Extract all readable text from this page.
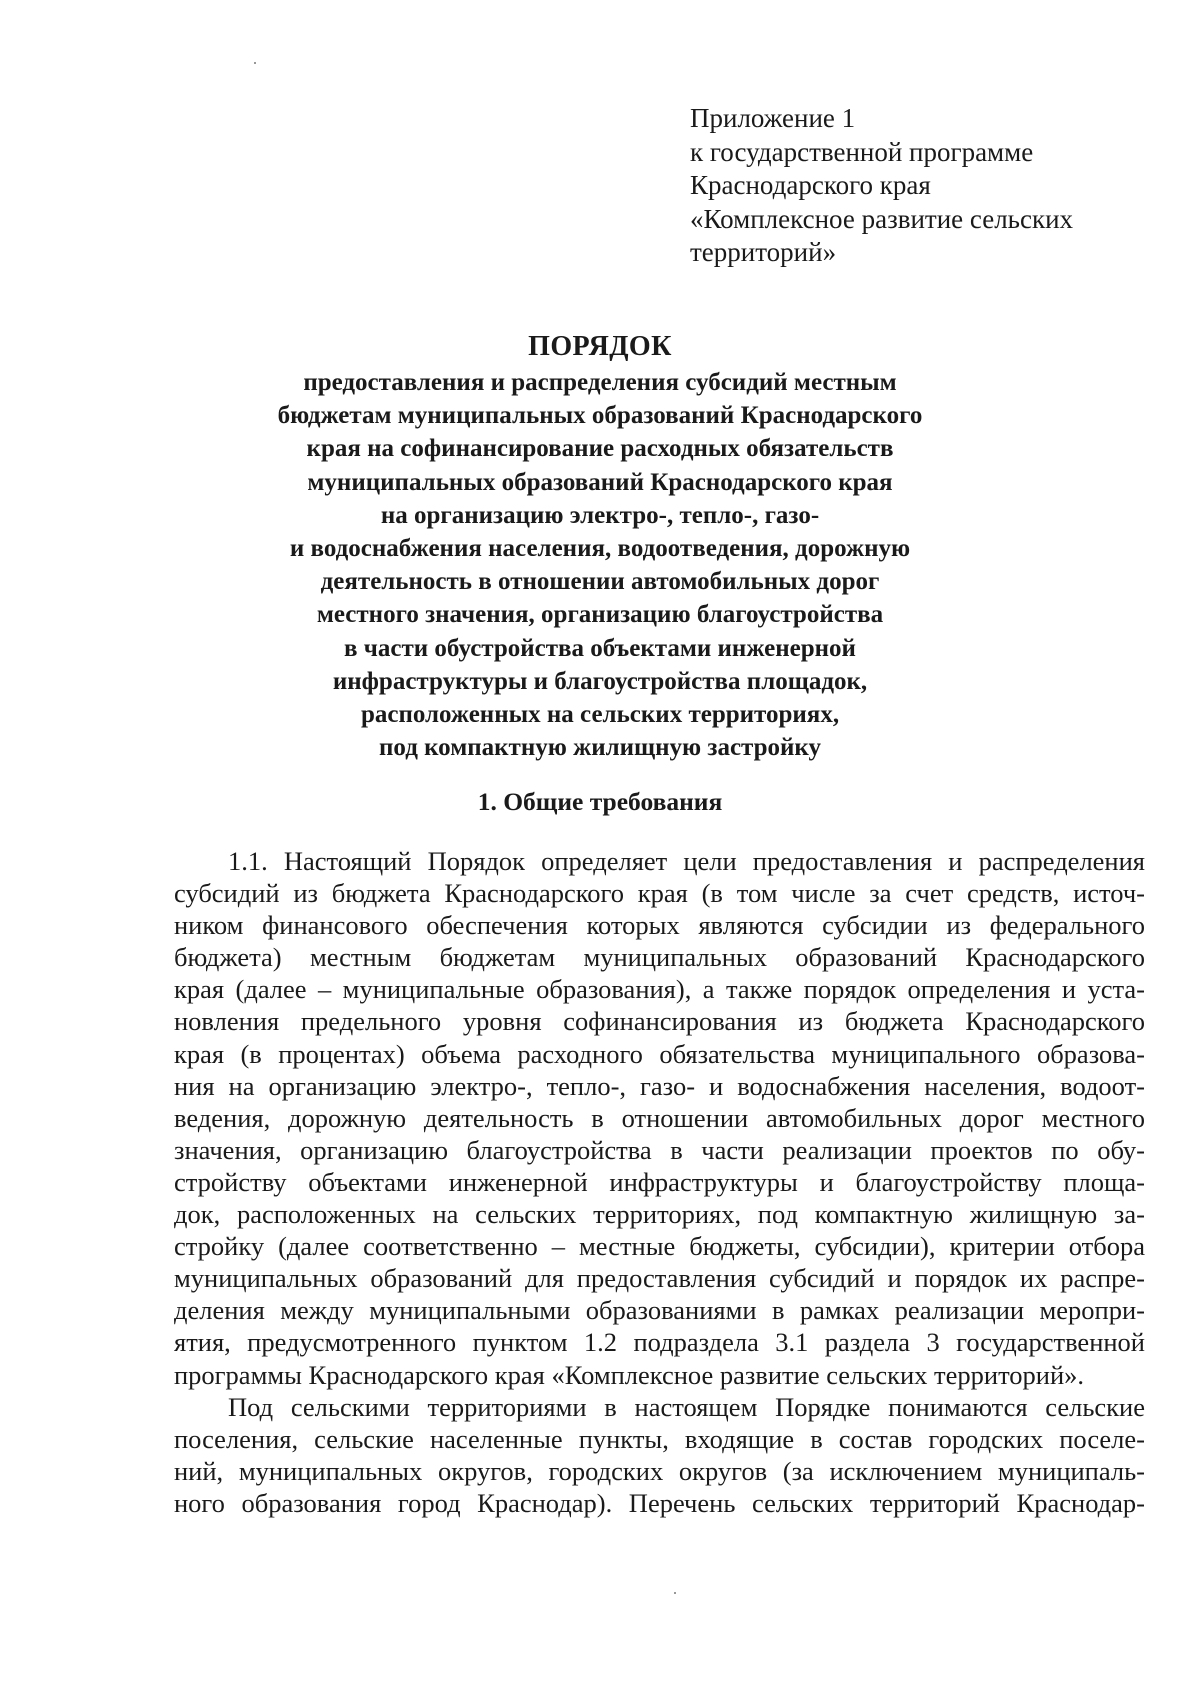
Приложение 1
к государственной программе
Краснодарского края
«Комплексное развитие сельских
территорий»
ПОРЯДОК
предоставления и распределения субсидий местным
бюджетам муниципальных образований Краснодарского
края на софинансирование расходных обязательств
муниципальных образований Краснодарского края
на организацию электро-, тепло-, газо-
и водоснабжения населения, водоотведения, дорожную
деятельность в отношении автомобильных дорог
местного значения, организацию благоустройства
в части обустройства объектами инженерной
инфраструктуры и благоустройства площадок,
расположенных на сельских территориях,
под компактную жилищную застройку
1. Общие требования
1.1. Настоящий Порядок определяет цели предоставления и распределения
субсидий из бюджета Краснодарского края (в том числе за счет средств, источ-
ником финансового обеспечения которых являются субсидии из федерального
бюджета) местным бюджетам муниципальных образований Краснодарского
края (далее – муниципальные образования), а также порядок определения и уста-
новления предельного уровня софинансирования из бюджета Краснодарского
края (в процентах) объема расходного обязательства муниципального образова-
ния на организацию электро-, тепло-, газо- и водоснабжения населения, водоот-
ведения, дорожную деятельность в отношении автомобильных дорог местного
значения, организацию благоустройства в части реализации проектов по обу-
стройству объектами инженерной инфраструктуры и благоустройству площа-
док, расположенных на сельских территориях, под компактную жилищную за-
стройку (далее соответственно – местные бюджеты, субсидии), критерии отбора
муниципальных образований для предоставления субсидий и порядок их распре-
деления между муниципальными образованиями в рамках реализации меропри-
ятия, предусмотренного пунктом 1.2 подраздела 3.1 раздела 3 государственной
программы Краснодарского края «Комплексное развитие сельских территорий».
Под сельскими территориями в настоящем Порядке понимаются сельские
поселения, сельские населенные пункты, входящие в состав городских поселе-
ний, муниципальных округов, городских округов (за исключением муниципаль-
ного образования город Краснодар). Перечень сельских территорий Краснодар-
